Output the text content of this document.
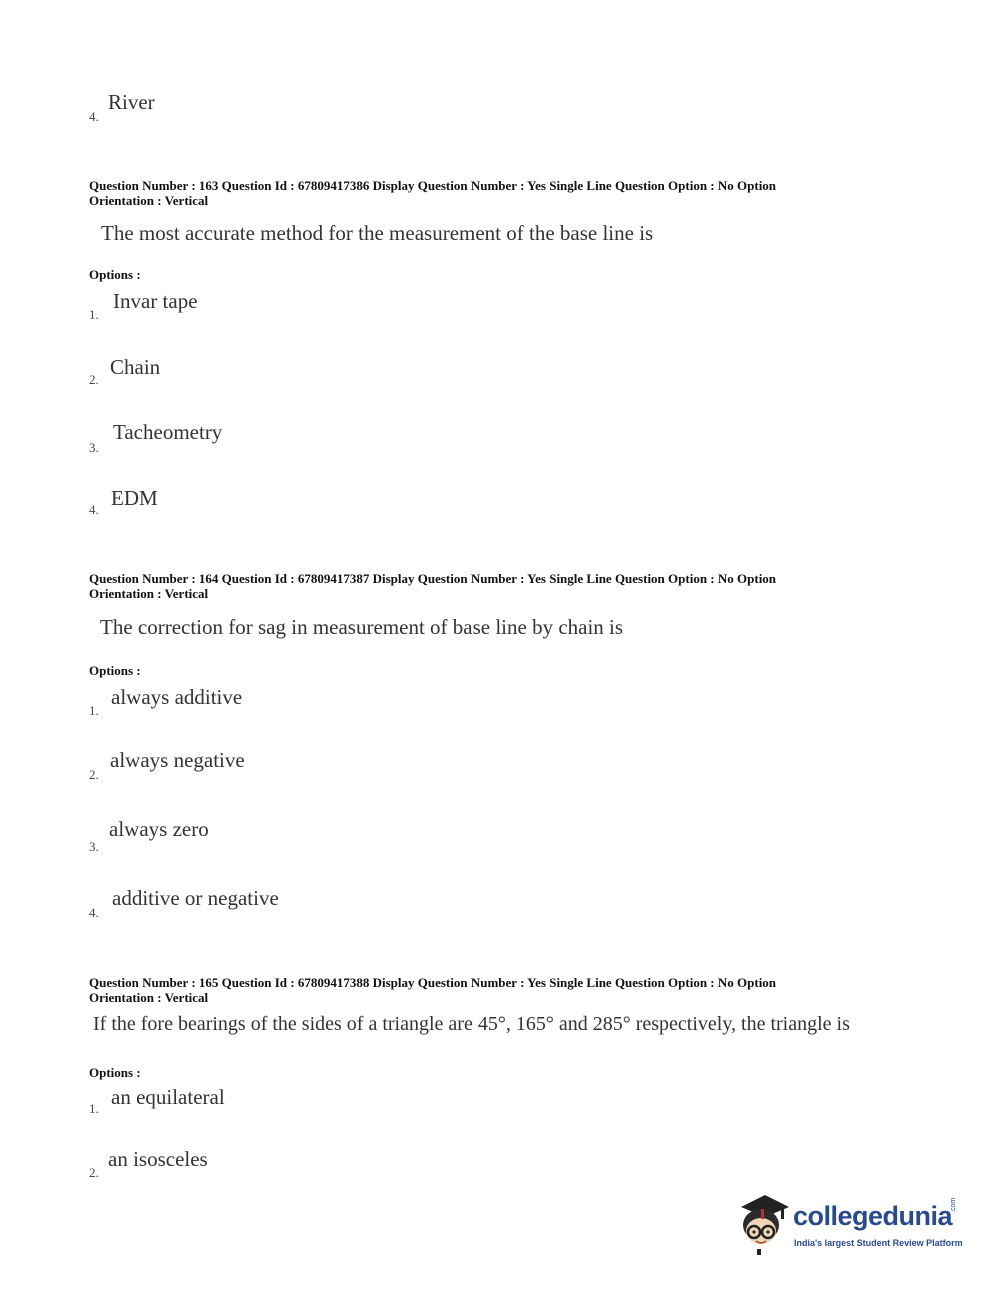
4.
River
Question Number : 163 Question Id : 67809417386 Display Question Number : Yes Single Line Question Option : No Option
Orientation : Vertical
The most accurate method for the measurement of the base line is
Options :
1.
Invar tape
2.
Chain
3.
Tacheometry
4. EDM
Question Number : 164 Question Id : 67809417387 Display Question Number : Yes Single Line Question Option : No Option
Orientation : Vertical
The correction for sag in measurement of base line by chain is
Options :
1.
always additive
2.
always negative
3.
always zero
4.
additive or negative
Question Number : 165 Question Id : 67809417388 Display Question Number : Yes Single Line Question Option : No Option
Orientation : Vertical
If the fore bearings of the sides of a triangle are 45°, 165° and 285° respectively, the triangle is
Options :
1. an equilateral
2.
an isosceles
collegedunia
.com
India's largest Student Review Platform
